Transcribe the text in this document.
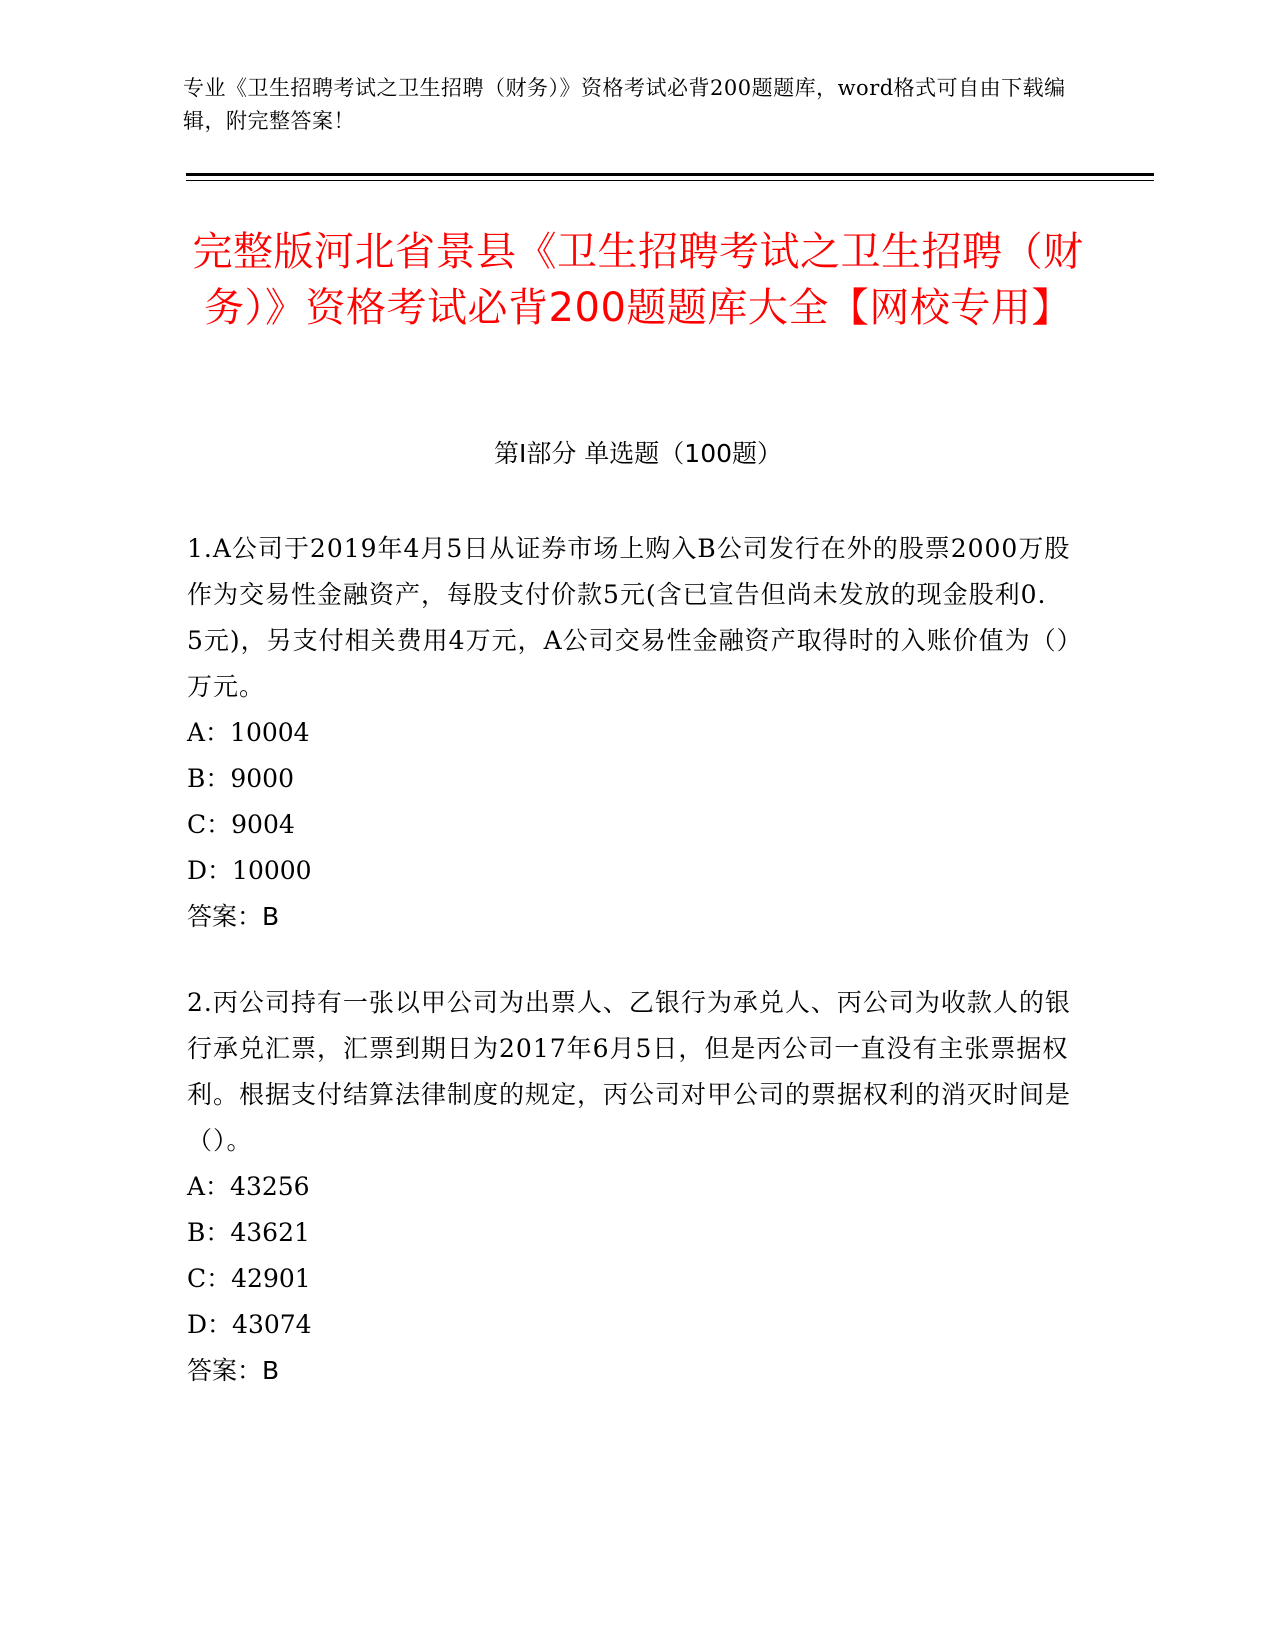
专业《卫生招聘考试之卫生招聘（财务）》资格考试必背200题题库，word格式可自由下载编辑，附完整答案！
完整版河北省景县《卫生招聘考试之卫生招聘（财务）》资格考试必背200题题库大全【网校专用】
第Ⅰ部分 单选题（100题）

1.A公司于2019年4月5日从证券市场上购入B公司发行在外的股票2000万股作为交易性金融资产，每股支付价款5元(含已宣告但尚未发放的现金股利0．5元)，另支付相关费用4万元，A公司交易性金融资产取得时的入账价值为（）万元。

A：10004

B：9000

C：9004

D：10000

答案：B

2.丙公司持有一张以甲公司为出票人、乙银行为承兑人、丙公司为收款人的银行承兑汇票，汇票到期日为2017年6月5日，但是丙公司一直没有主张票据权利。根据支付结算法律制度的规定，丙公司对甲公司的票据权利的消灭时间是（）。

A：43256

B：43621

C：42901

D：43074

答案：B
